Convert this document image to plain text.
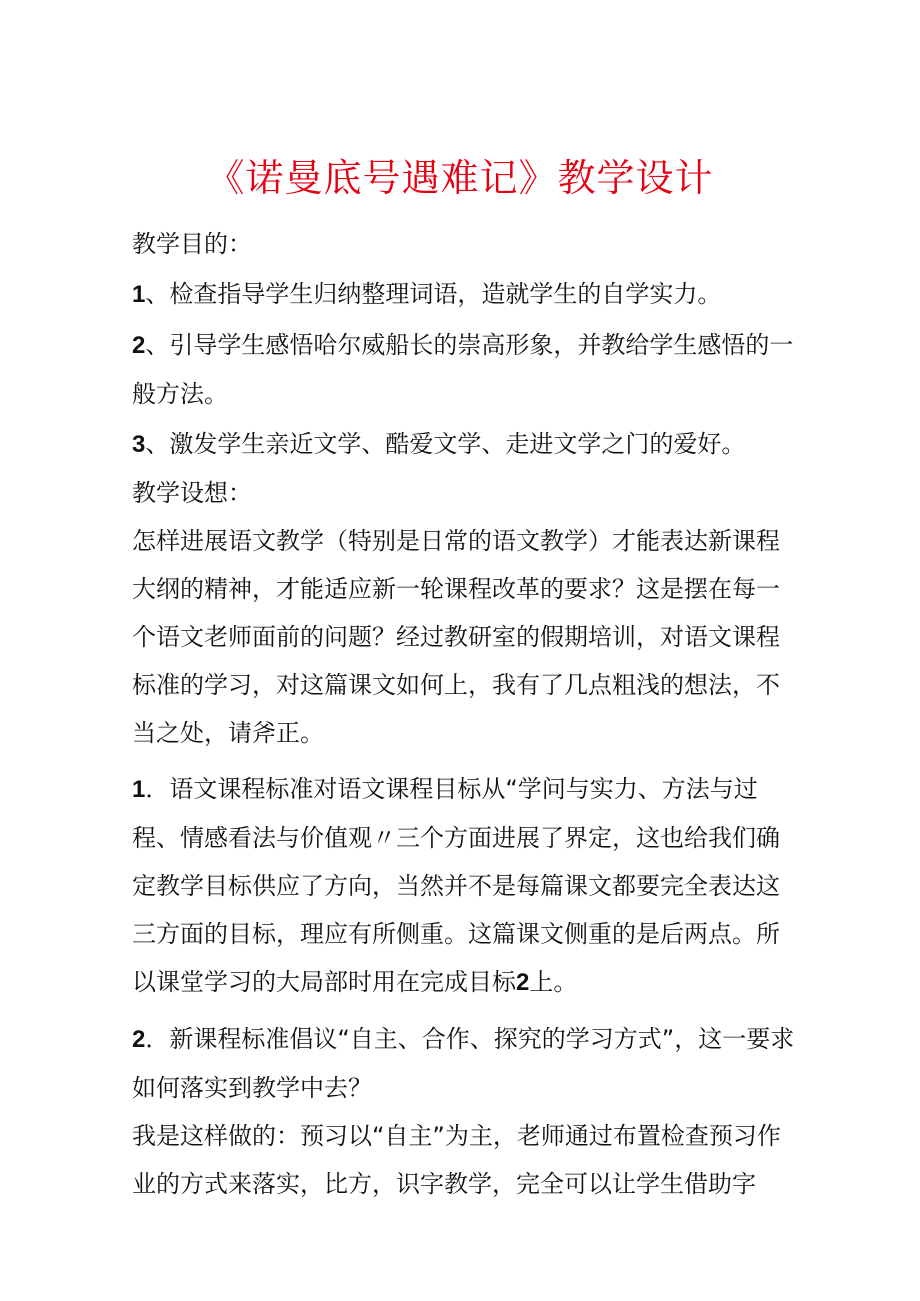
《诺曼底号遇难记》教学设计

教学目的：

1、检查指导学生归纳整理词语，造就学生的自学实力。

2、引导学生感悟哈尔威船长的崇高形象，并教给学生感悟的一般方法。

3、激发学生亲近文学、酷爱文学、走进文学之门的爱好。

教学设想：

怎样进展语文教学（特别是日常的语文教学）才能表达新课程大纲的精神，才能适应新一轮课程改革的要求？这是摆在每一个语文老师面前的问题？经过教研室的假期培训，对语文课程标准的学习，对这篇课文如何上，我有了几点粗浅的想法，不当之处，请斧正。

1．语文课程标准对语文课程目标从“学问与实力、方法与过程、情感看法与价值观〃三个方面进展了界定，这也给我们确定教学目标供应了方向，当然并不是每篇课文都要完全表达这三方面的目标，理应有所侧重。这篇课文侧重的是后两点。所以课堂学习的大局部时用在完成目标2上。

2．新课程标准倡议“自主、合作、探究的学习方式”，这一要求如何落实到教学中去？

我是这样做的：预习以“自主”为主，老师通过布置检查预习作业的方式来落实，比方，识字教学，完全可以让学生借助字
